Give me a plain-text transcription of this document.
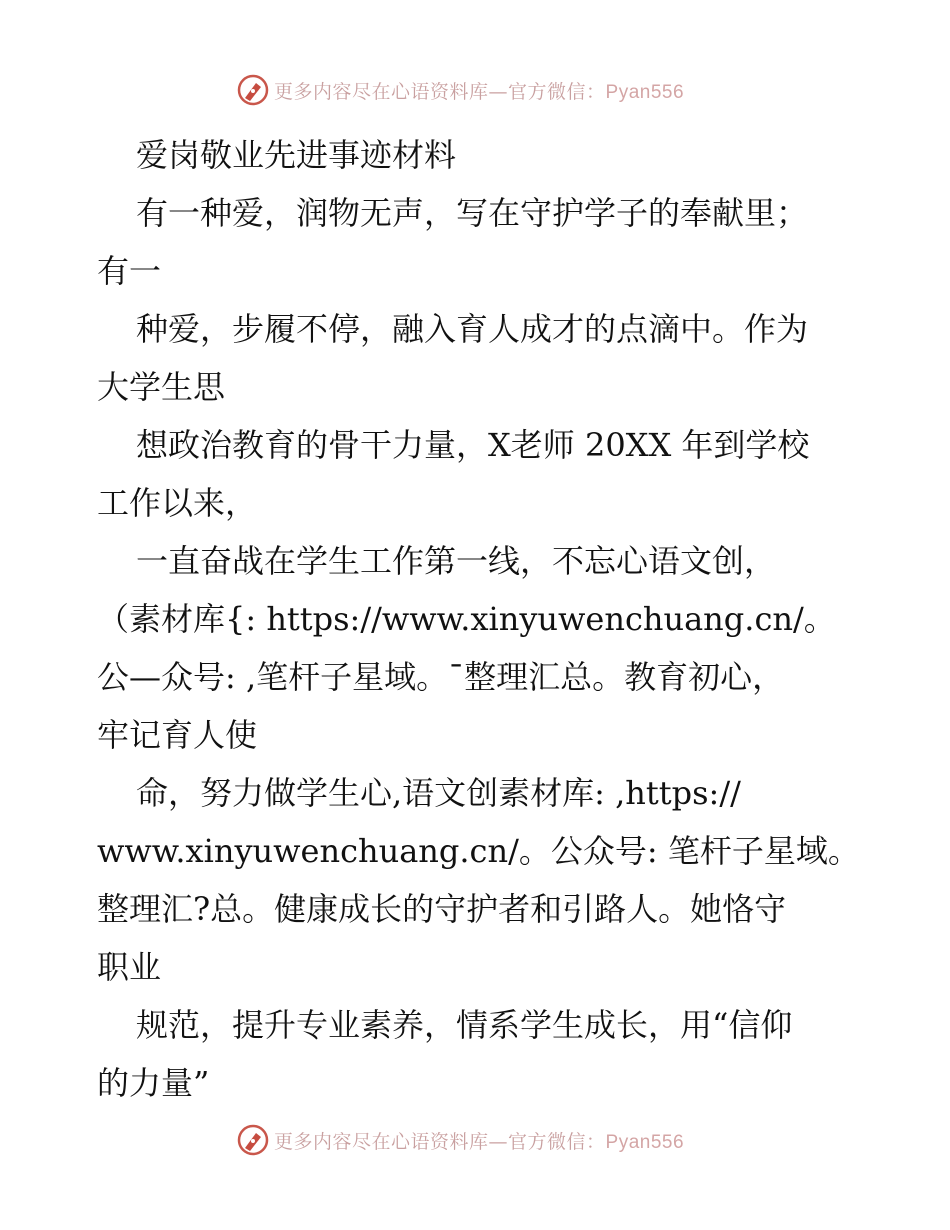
更多内容尽在心语资料库—官方微信：Pyan556
爱岗敬业先进事迹材料
有一种爱，润物无声，写在守护学子的奉献里；
有一
种爱，步履不停，融入育人成才的点滴中。作为
大学生思
想政治教育的骨干力量，X老师 20XX 年到学校
工作以来，
一直奋战在学生工作第一线，不忘心语文创，
（素材库{: https://www.xinyuwenchuang.cn/。
公—众号: ,笔杆子星域。¯整理汇总。教育初心，
牢记育人使
命，努力做学生心,语文创素材库: ,https://
www.xinyuwenchuang.cn/。公众号: 笔杆子星域。
整理汇?总。健康成长的守护者和引路人。她恪守
职业
规范，提升专业素养，情系学生成长，用“信仰
的力量”
更多内容尽在心语资料库—官方微信：Pyan556
